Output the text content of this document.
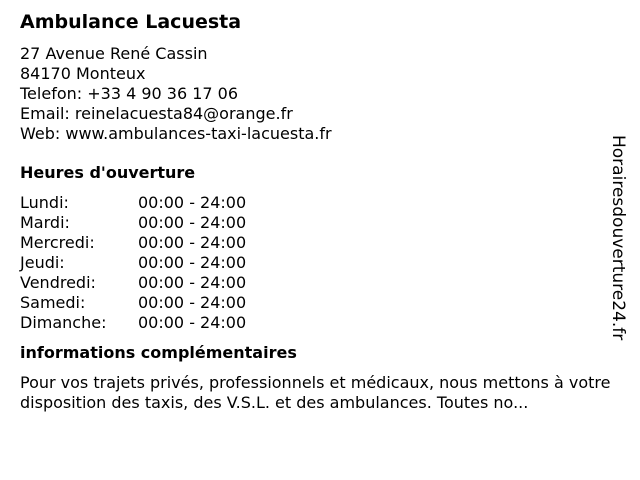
Ambulance Lacuesta
27 Avenue René Cassin
84170 Monteux
Telefon: +33 4 90 36 17 06
Email: reinelacuesta84@orange.fr
Web: www.ambulances-taxi-lacuesta.fr
Heures d'ouverture
Lundi:	00:00 - 24:00
Mardi:	00:00 - 24:00
Mercredi:	00:00 - 24:00
Jeudi:	00:00 - 24:00
Vendredi:	00:00 - 24:00
Samedi:	00:00 - 24:00
Dimanche:	00:00 - 24:00
informations complémentaires
Pour vos trajets privés, professionnels et médicaux, nous mettons à votre disposition des taxis, des V.S.L. et des ambulances. Toutes no...
Horairesdouverture24.fr
